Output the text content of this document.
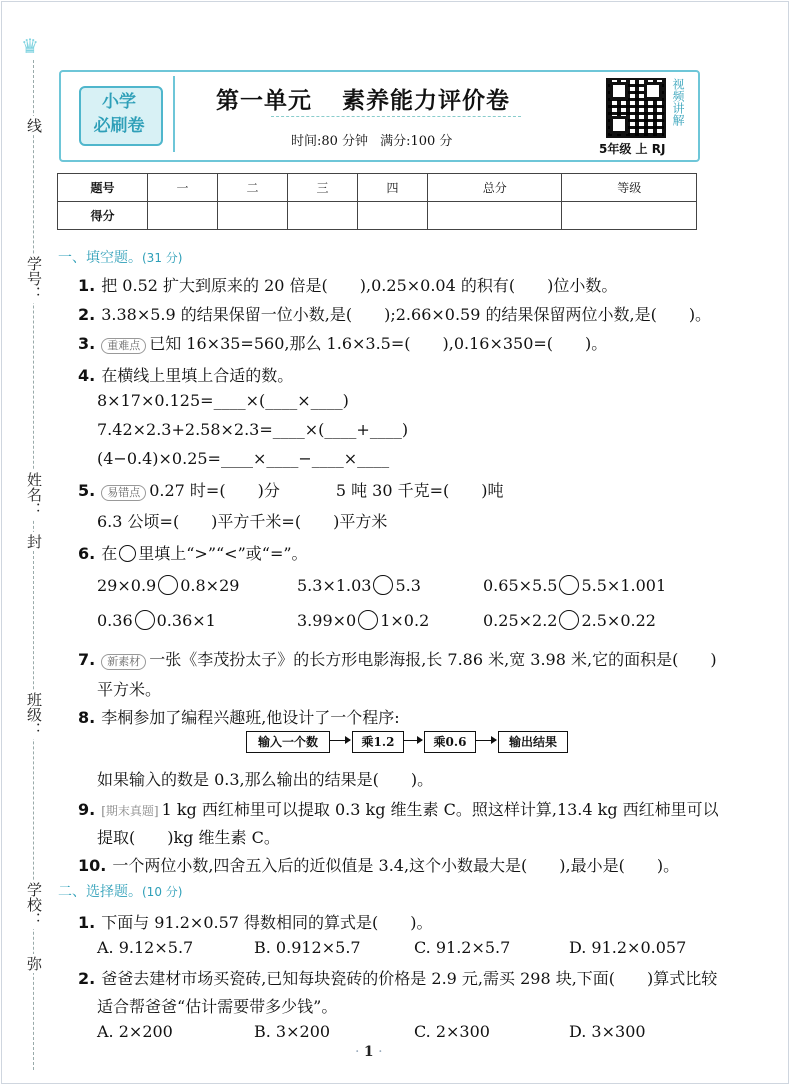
♛
线
学号：
姓名：
封
班级：
学校：
弥
小学
必刷卷
第一单元 素养能力评价卷
时间:80 分钟 满分:100 分
视频讲解
5年级 上 RJ
题号	一	二	三	四	总分	等级
得分						
一、填空题。(31 分)
1. 把 0.52 扩大到原来的 20 倍是(　　),0.25×0.04 的积有(　　)位小数。
2. 3.38×5.9 的结果保留一位小数,是(　　);2.66×0.59 的结果保留两位小数,是(　　)。
3. 重难点 已知 16×35=560,那么 1.6×3.5=(　　),0.16×350=(　　)。
4. 在横线上里填上合适的数。
8×17×0.125=____×(____×____)
7.42×2.3+2.58×2.3=____×(____+____)
(4−0.4)×0.25=____×____−____×____
5. 易错点 0.27 时=(　　)分	5 吨 30 千克=(　　)吨
6.3 公顷=(　　)平方千米=(　　)平方米
6. 在 里填上“>”“<”或“=”。
29×0.9 0.8×29	5.3×1.03 5.3	0.65×5.5 5.5×1.001
0.36 0.36×1	3.99×0 1×0.2	0.25×2.2 2.5×0.22
7. 新素材 一张《李茂扮太子》的长方形电影海报,长 7.86 米,宽 3.98 米,它的面积是(　　)
平方米。
8. 李桐参加了编程兴趣班,他设计了一个程序:
输入一个数	乘1.2	乘0.6	输出结果
如果输入的数是 0.3,那么输出的结果是(　　)。
9. [期末真题] 1 kg 西红柿里可以提取 0.3 kg 维生素 C。照这样计算,13.4 kg 西红柿里可以
提取(　　)kg 维生素 C。
10. 一个两位小数,四舍五入后的近似值是 3.4,这个小数最大是(　　),最小是(　　)。
二、选择题。(10 分)
1. 下面与 91.2×0.57 得数相同的算式是(　　)。
A. 9.12×5.7	B. 0.912×5.7	C. 91.2×5.7	D. 91.2×0.057
2. 爸爸去建材市场买瓷砖,已知每块瓷砖的价格是 2.9 元,需买 298 块,下面(　　)算式比较
适合帮爸爸“估计需要带多少钱”。
A. 2×200	B. 3×200	C. 2×300	D. 3×300
· 1 ·
